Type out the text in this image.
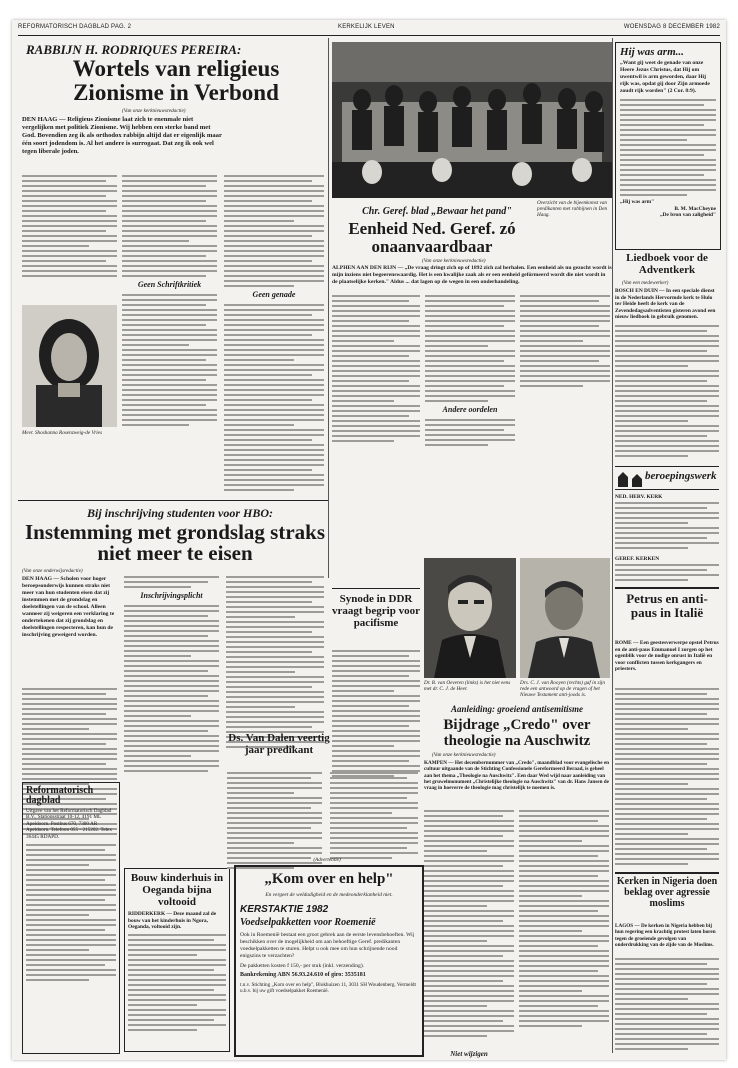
REFORMATORISCH DAGBLAD PAG. 2	KERKELIJK LEVEN	WOENSDAG 8 DECEMBER 1982
RABBIJN H. RODRIQUES PEREIRA:
Wortels van religieus Zionisme in Verbond
(Van onze kerknieuwsredactie)
DEN HAAG — Religieus Zionisme laat zich te enenmale niet vergelijken met politiek Zionisme. Wij hebben een sterke band met God. Bovendien zeg ik als orthodox rabbijn altijd dat er eigenlijk maar één soort jodendom is. Al het andere is surrogaat. Dat zeg ik ook wel tegen liberale joden.
Geen Schriftkritiek
Geen genade
Mevr. Shoshanna Rosenzweig-de Vries
Overzicht van de bijeenkomst van predikanten met rabbijnen in Den Haag.
Chr. Geref. blad „Bewaar het pand"
Eenheid Ned. Geref. zó onaanvaardbaar
(Van onze kerknieuwsredactie)
ALPHEN AAN DEN RIJN — „De vraag dringt zich op of 1892 zich zal herhalen. Een eenheid als nu gezocht wordt is mijn inziens niet begeerenswaardig. Het is een kwalijke zaak als er een eenheid gefórmeerd wordt die niet wordt in de plaatselijke kerken." Aldus ... dat lagen op de wegen in een onderhandeling.
Andere oordelen
Hij was arm...
„Want gij weet de genade van onze Heere Jezus Christus, dat Hij om uwentwil is arm geworden, daar Hij rijk was, opdat gij door Zijn armoede zoudt rijk worden" (2 Cor. 8:9).
„Hij was arm"
B. M. MacCheyne
„De bron van zaligheid"
Liedboek voor de Adventkerk
(Van een medewerker)
BOSCH EN DUIN — In een speciale dienst in de Nederlands Hervormde kerk te Hulo ter Heide heeft de kerk van de Zevendedagsadventisten gisteren avond een nieuw liedboek in gebruik genomen.
beroepingswerk
NED. HERV. KERK
GEREF. KERKEN
Petrus en anti-paus in Italië
ROME — Een geestesverwerpe opstel Petrus en de anti-paus Emmanuel I zorgen op het ogenblik voor de nodige onrust in Italië en voor conflicten tussen kerkgangers en priesters.
Kerken in Nigeria doen beklag over agressie moslims
LAGOS — De kerken in Nigeria hebben bij hun regering een krachtig protest laten horen tegen de groeiende gevolgen van onderdrukking van de zijde van de Moslims.
Bij inschrijving studenten voor HBO:
Instemming met grondslag straks niet meer te eisen
(Van onze onderwijsredactie)
DEN HAAG — Scholen voor hoger beroepsonderwijs kunnen straks niet meer van hun studenten eisen dat zij instemmen met de grondslag en doelstellingen van de school. Alleen wanneer zij weigeren een verklaring te ondertekenen dat zij grondslag en doelstellingen respecteren, kan hun de inschrijving geweigerd worden.
Inschrijvingsplicht
Reformatorisch dagblad
Uitgave van het Reformatorisch Dagblad B.V., Stationsstraat 10-12, 4191 ML Apeldoorn. Postbus 670, 7300 AR Apeldoorn. Telefoon 055 - 215202. Telex 36445 RDAPD.
Bouw kinderhuis in Oeganda bijna voltooid
RIDDERKERK — Deze maand zal de bouw van het kinderhuis in Ngora, Oeganda, voltooid zijn.
Synode in DDR vraagt begrip voor pacifisme
Dr. B. van Oeveren (links) is het niet eens met dr. C. J. de Heer.
Drs. C. J. van Rooyen (rechts) gaf in zijn rede een antwoord op de vragen of het Nieuwe Testament anti-joods is.
Aanleiding: groeiend antisemitisme
Bijdrage „Credo" over theologie na Auschwitz
(Van onze kerknieuwsredactie)
KAMPEN — Het decembernummer van „Credo", maandblad voor evangelische en cultuur uitgaande van de Stichting Confessionele Gereformeerd Beraad, is geheel aan het thema „Theologie na Auschwitz". Een daar Wed wijd naar aanleiding van het gruwelmonument „Christelijke theologie na Auschwitz" van dr. Hans Jansen de vraag in hoeverre de theologie mag christelijk te noemen is.
Niet wijzigen
Ds. Van Dalen veertig jaar predikant
(Advertentie)
„Kom over en help"
En vergeet de weldadigheid en de medeonderklanheid niet.
KERSTAKTIE 1982
Voedselpakketten voor Roemenië
Ook in Roemenië bestaat een groot gebrek aan de eerste levensbehoeften. Wij beschikken over de mogelijkheid om aan behoeftige Geref. predikanten voedselpakketten te sturen. Helpt u ook mee om hun schrijnende nood enigszins te verzachten?
De pakketten kosten f 150,- per stuk (inkl. verzending).
Bankrekening ABN 56.93.24.610 of giro: 3535181
t.n.v. Stichting „Kom over en help", Blokhuizen 11, 3031 SH Woudenberg. Vermeldt u.b.v. bij uw gift voedselpakket Roemenië.
